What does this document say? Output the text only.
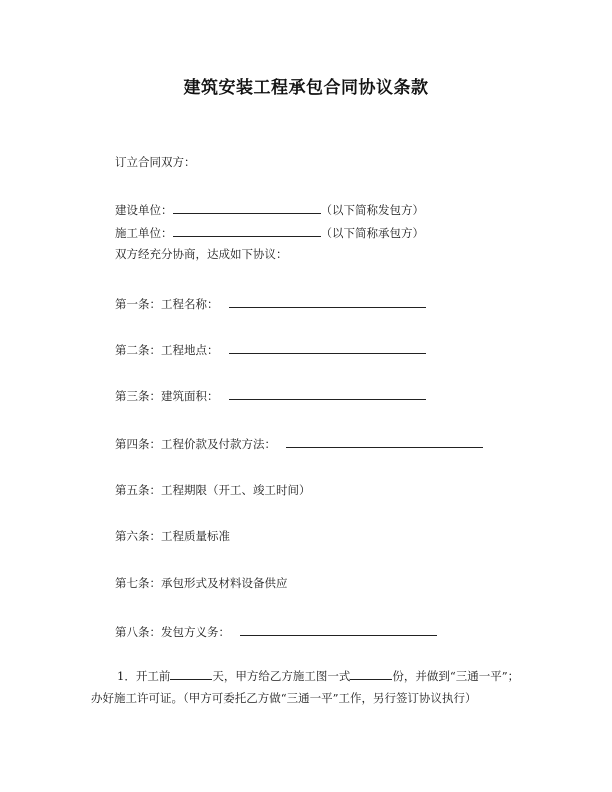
建筑安装工程承包合同协议条款
订立合同双方：
建设单位：	（以下简称发包方）
施工单位：	（以下简称承包方）
双方经充分协商，达成如下协议：
第一条：工程名称：
第二条：工程地点：
第三条：建筑面积：
第四条：工程价款及付款方法：
第五条：工程期限（开工、竣工时间）
第六条：工程质量标准
第七条：承包形式及材料设备供应
第八条：发包方义务：
1．开工前	天，甲方给乙方施工图一式	份，并做到“三通一平”；
办好施工许可证。（甲方可委托乙方做“三通一平”工作，另行签订协议执行）
